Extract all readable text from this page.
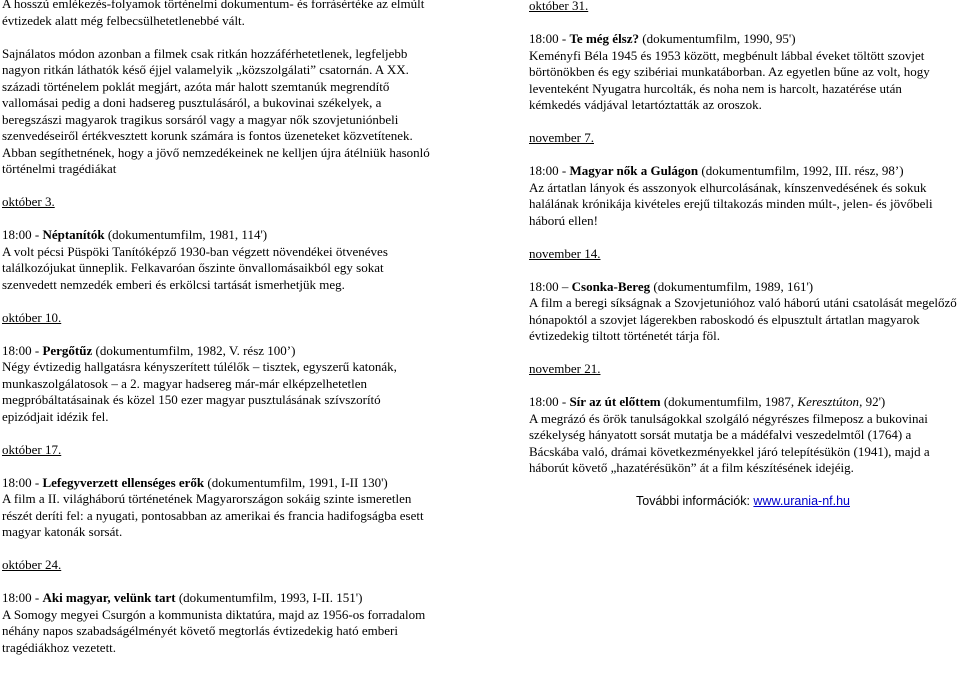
A hosszú emlékezés-folyamok történelmi dokumentum- és forrásértéke az elmúlt évtizedek alatt még felbecsülhetetlenebbé vált.

Sajnálatos módon azonban a filmek csak ritkán hozzáférhetetlenek, legfeljebb nagyon ritkán láthatók késő éjjel valamelyik „közszolgálati” csatornán. A XX. századi történelem poklát megjárt, azóta már halott szemtanúk megrendítő vallomásai pedig a doni hadsereg pusztulásáról, a bukovinai székelyek, a beregszászi magyarok tragikus sorsáról vagy a magyar nők szovjetuniónbeli szenvedéseiről értékvesztett korunk számára is fontos üzeneteket közvetítenek. Abban segíthetnének, hogy a jövő nemzedékeinek ne kelljen újra átélniük hasonló történelmi tragédiákat

október 3.

18:00 - Néptanítók (dokumentumfilm, 1981, 114')

A volt pécsi Püspöki Tanítóképző 1930-ban végzett növendékei ötvenéves találkozójukat ünneplik. Felkavaróan őszinte önvallomásaikból egy sokat szenvedett nemzedék emberi és erkölcsi tartását ismerhetjük meg.

október 10.

18:00 - Pergőtűz (dokumentumfilm, 1982, V. rész 100’)

Négy évtizedig hallgatásra kényszerített túlélők – tisztek, egyszerű katonák, munkaszolgálatosok – a 2. magyar hadsereg már-már elképzelhetetlen megpróbáltatásainak és közel 150 ezer magyar pusztulásának szívszorító epizódjait idézik fel.

október 17.

18:00 - Lefegyverzett ellenséges erők (dokumentumfilm, 1991, I-II 130')

A film a II. világháború történetének Magyarországon sokáig szinte ismeretlen részét deríti fel: a nyugati, pontosabban az amerikai és francia hadifogságba esett magyar katonák sorsát.

október 24.

18:00 - Aki magyar, velünk tart (dokumentumfilm, 1993, I-II. 151')

A Somogy megyei Csurgón a kommunista diktatúra, majd az 1956-os forradalom néhány napos szabadságélményét követő megtorlás évtizedekig ható emberi tragédiákhoz vezetett.

október 31.

18:00 - Te még élsz? (dokumentumfilm, 1990, 95')

Keményfi Béla 1945 és 1953 között, megbénult lábbal éveket töltött szovjet börtönökben és egy szibériai munkatáborban. Az egyetlen bűne az volt, hogy leventeként Nyugatra hurcolták, és noha nem is harcolt, hazatérése után kémkedés vádjával letartóztatták az oroszok.

november 7.

18:00 - Magyar nők a Gulágon (dokumentumfilm, 1992, III. rész, 98’)

Az ártatlan lányok és asszonyok elhurcolásának, kínszenvedésének és sokuk halálának krónikája kivételes erejű tiltakozás minden múlt-, jelen- és jövőbeli háború ellen!

november 14.

18:00 – Csonka-Bereg (dokumentumfilm, 1989, 161')

A film a beregi síkságnak a Szovjetunióhoz való háború utáni csatolását megelőző hónapoktól a szovjet lágerekben raboskodó és elpusztult ártatlan magyarok évtizedekig tiltott történetét tárja föl.

november 21.

18:00 - Sír az út előttem (dokumentumfilm, 1987, Keresztúton, 92')

A megrázó és örök tanulságokkal szolgáló négyrészes filmeposz a bukovinai székelység hányatott sorsát mutatja be a mádéfalvi veszedelmtől (1764) a Bácskába való, drámai következményekkel járó telepítésükön (1941), majd a háborút követő „hazatérésükön” át a film készítésének idejéig.

További információk: www.urania-nf.hu
